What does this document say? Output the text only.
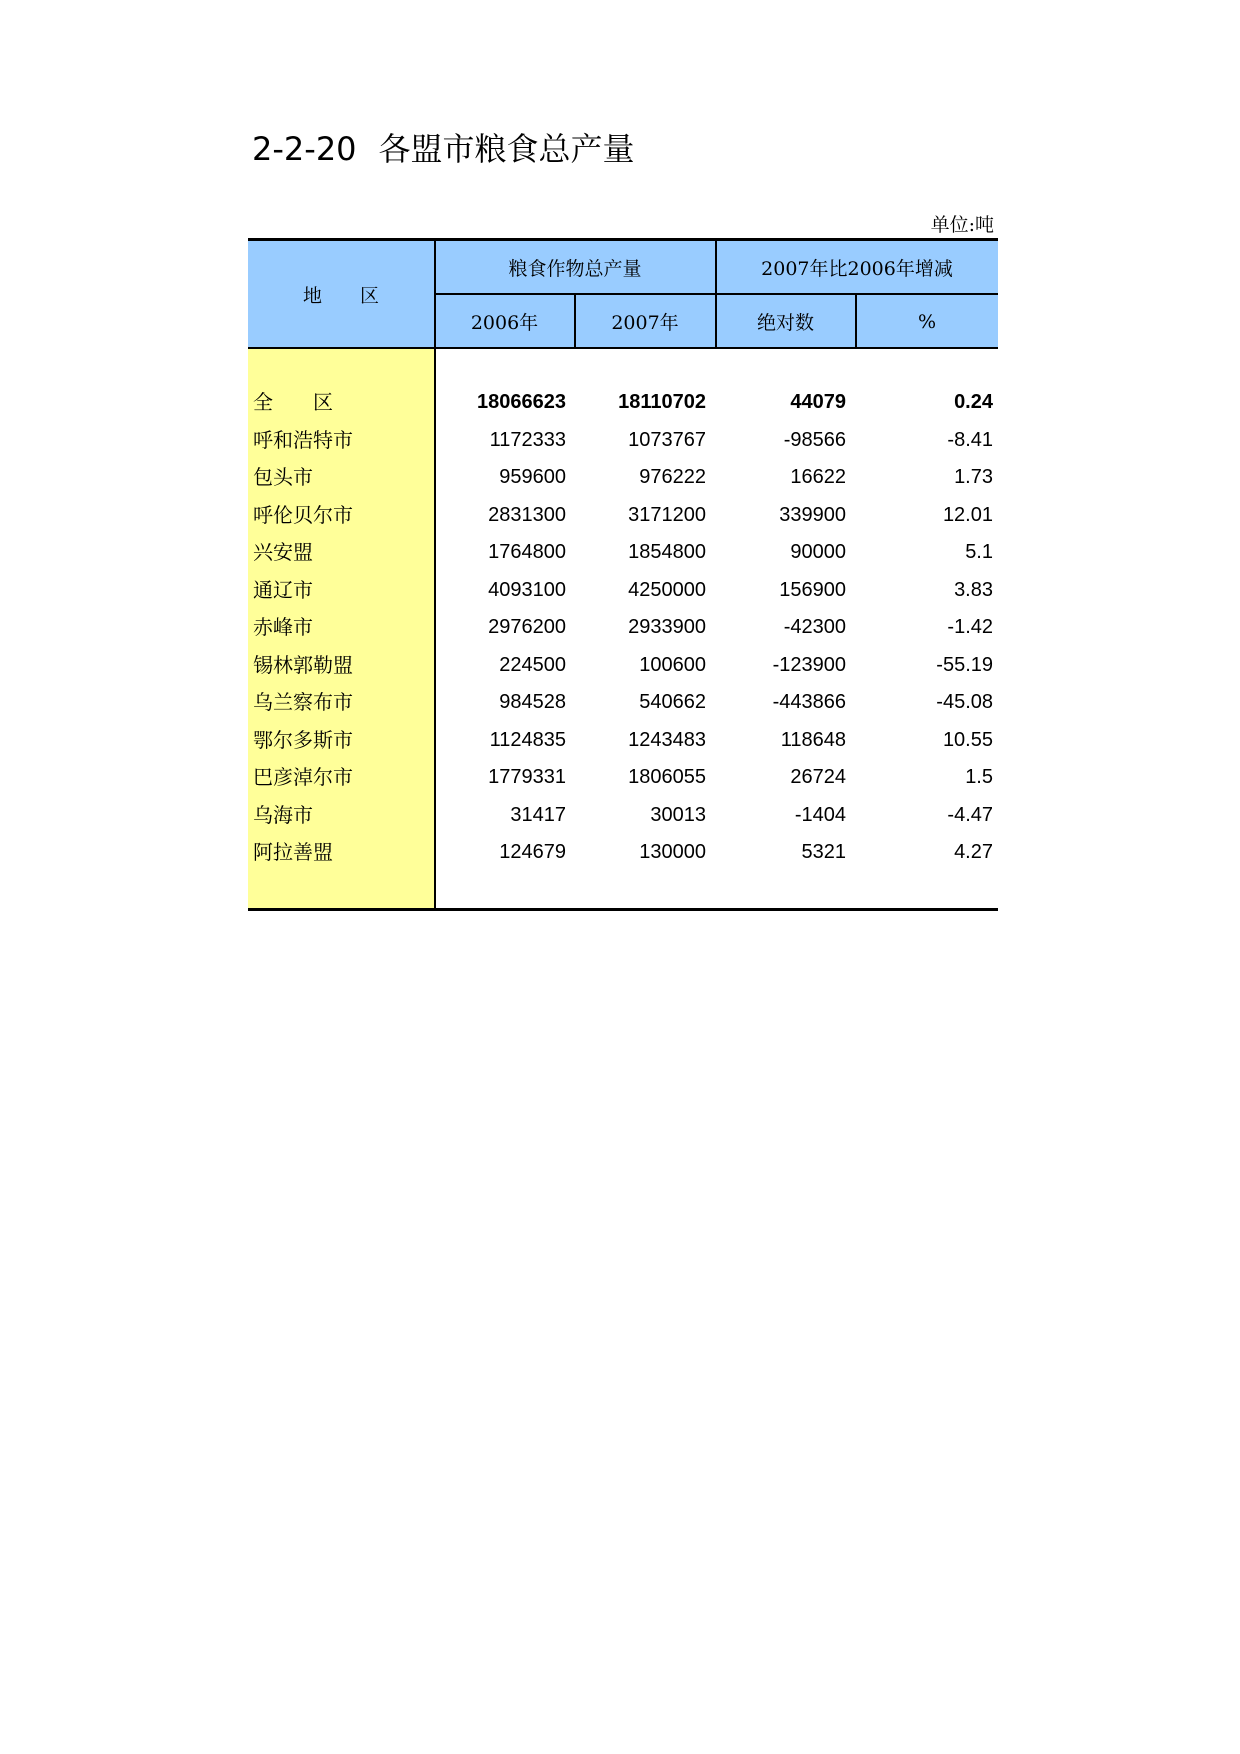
2-2-20 各盟市粮食总产量
单位:吨
地　　区
粮食作物总产量	2007年比2006年增减
2006年	2007年	绝对数	%
全　　区	18066623	18110702	44079	0.24
呼和浩特市	1172333	1073767	-98566	-8.41
包头市	959600	976222	16622	1.73
呼伦贝尔市	2831300	3171200	339900	12.01
兴安盟	1764800	1854800	90000	5.1
通辽市	4093100	4250000	156900	3.83
赤峰市	2976200	2933900	-42300	-1.42
锡林郭勒盟	224500	100600	-123900	-55.19
乌兰察布市	984528	540662	-443866	-45.08
鄂尔多斯市	1124835	1243483	118648	10.55
巴彦淖尔市	1779331	1806055	26724	1.5
乌海市	31417	30013	-1404	-4.47
阿拉善盟	124679	130000	5321	4.27
